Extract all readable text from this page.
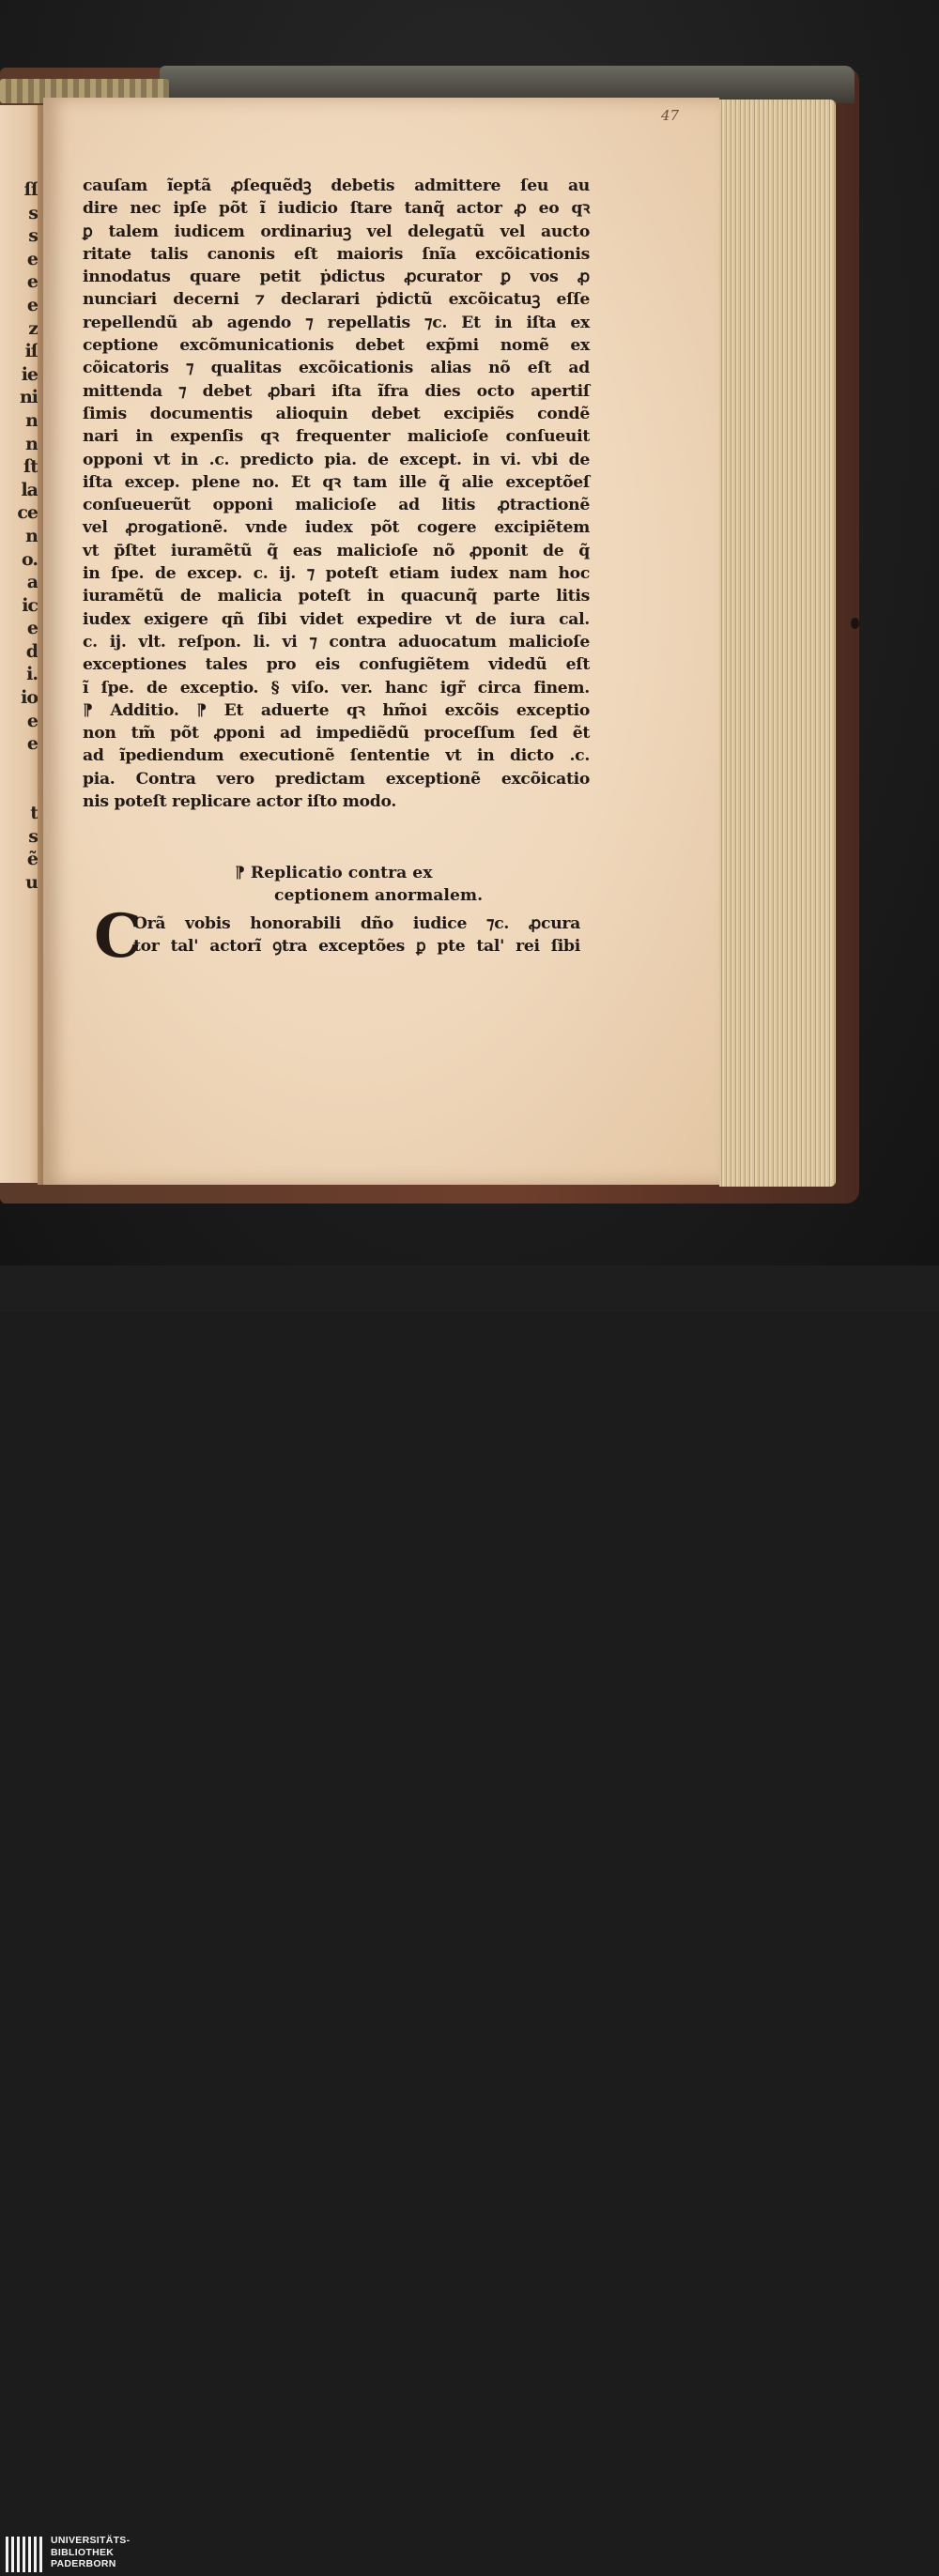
ſſ
s
s
e
e
e
z
iſ
ie
ni
n
n
ſt
la
ce
n
o.
a
ic
e
d
i.
io
e
e
t
s
ẽ
u
47
cauſam ĩeptã ꝓſequẽdꝫ debetis admittere ſeu au
dire nec ipſe põt ĩ iudicio ſtare tanq̃ actor ꝓ eo qꝛ
ꝑ talem iudicem ordinariuꝫ vel delegatũ vel aucto
ritate talis canonis eſt maioris ſnĩa excõicationis
innodatus quare petit ṗdictus ꝓcurator ꝑ vos ꝓ
nunciari decerni ⁊ declarari ṗdictũ excõicatuꝫ eſſe
repellendũ ab agendo ⁊ repellatis ⁊c. Et in iſta ex
ceptione excõmunicationis debet exp̃mi nomẽ ex
cõicatoris ⁊ qualitas excõicationis alias nõ eſt ad
mittenda ⁊ debet ꝓbari iſta ĩfra dies octo apertiſ
ſimis documentis alioquin debet excipiẽs condẽ
nari in expenſis qꝛ frequenter malicioſe conſueuit
opponi vt in .c. predicto pia. de except. in vi. vbi de
iſta excep. plene no. Et qꝛ tam ille q̃ alie exceptõeſ
conſueuerũt opponi malicioſe ad litis ꝓtractionẽ
vel ꝓrogationẽ. vnde iudex põt cogere excipiẽtem
vt p̄ſtet iuramẽtũ q̃ eas malicioſe nõ ꝓponit de q̃
in ſpe. de excep. c. ij. ⁊ poteſt etiam iudex nam hoc
iuramẽtũ de malicia poteſt in quacunq̃ parte litis
iudex exigere qñ ſibi videt expedire vt de iura cal.
c. ij. vlt. reſpon. li. vi ⁊ contra aduocatum malicioſe
exceptiones tales pro eis confugiẽtem videdũ eſt
ĩ ſpe. de exceptio. § viſo. ver. hanc igr̃ circa finem.
⁋ Additio. ⁋ Et aduerte qꝛ hm̃oi excõis exceptio
non tm̃ põt ꝓponi ad impediẽdũ proceſſum ſed ẽt
ad ĩpediendum executionẽ ſententie vt in dicto .c.
pia. Contra vero predictam exceptionẽ excõicatio
nis poteſt replicare actor iſto modo.
⁋ Replicatio contra ex
ceptionem anormalem.
C
Orã vobis honorabili dño iudice ⁊c. ꝓcura
tor tal' actorĩ ꝯtra exceptões ꝑ pte tal' rei ſibi
UNIVERSITÄTS-
BIBLIOTHEK
PADERBORN
